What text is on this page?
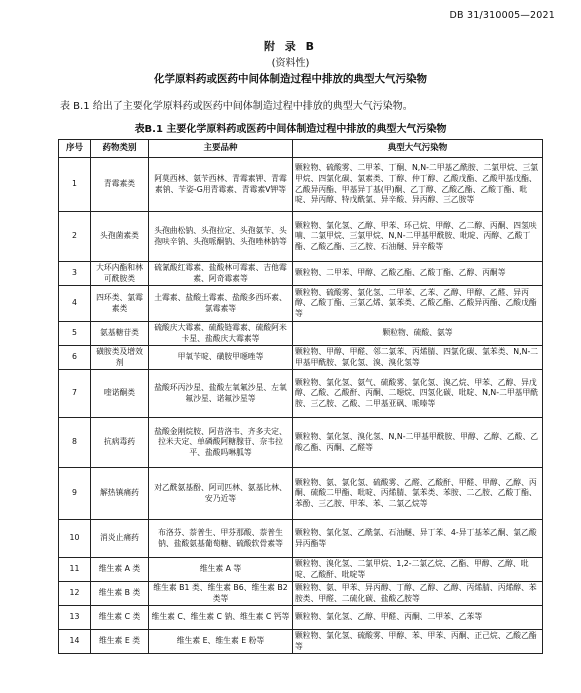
DB 31/310005—2021
附 录 B
(资料性)
化学原料药或医药中间体制造过程中排放的典型大气污染物
表 B.1 给出了主要化学原料药或医药中间体制造过程中排放的典型大气污染物。
表B.1 主要化学原料药或医药中间体制造过程中排放的典型大气污染物
序号	药物类别	主要品种	典型大气污染物
1	青霉素类	阿莫西林、氨苄西林、青霉素钾、青霉素钠、苄姿-G用青霉素、青霉素V钾等	颗粒物、硫酸雾、二甲苯、丁酮、N,N-二甲基乙酰胺、二氯甲烷、三氯甲烷、四氯化碳、氯素类、丁醇、仲丁醇、乙酸戊酯、乙酸甲基戊酯、乙酸异丙酯、甲基异丁基(甲)酮、乙丁醇、乙酸乙酯、乙酸丁酯、吡啶、异丙醇、特戊酰氯、异辛酸、异丙醇、三乙胺等
2	头孢菌素类	头孢曲松钠、头孢拉定、头孢氨苄、头孢呋辛钠、头孢哌酮钠、头孢唑林钠等	颗粒物、氯化氢、乙醇、甲苯、环己烷、甲醇、乙二醇、丙酮、四氢呋喃、二氯甲烷、三氯甲烷、N,N-二甲基甲酰胺、吡啶、丙醇、乙酸丁酯、乙酸乙酯、三乙胺、石油醚、异辛酸等
3	大环内酯和林可酰胺类	硫氰酸红霉素、盐酸林可霉素、吉他霉素、阿奇霉素等	颗粒物、二甲苯、甲醇、乙酸乙酯、乙酸丁酯、乙醇、丙酮等
4	四环类、氯霉素类	土霉素、盐酸土霉素、盐酸多西环素、氯霉素等	颗粒物、硫酸雾、氯化氢、二甲苯、乙苯、乙醇、甲醇、乙醛、异丙醇、乙酸丁酯、三氯乙烯、氯苯类、乙酸乙酯、乙酸异丙酯、乙酸戊酯等
5	氨基糖苷类	硫酸庆大霉素、硫酸链霉素、硫酸阿米卡星、盐酸庆大霉素等	颗粒物、硫酸、氨等
6	磺胺类及增效剂	甲氧苄啶、磺胺甲噁唑等	颗粒物、甲醇、甲醛、邻二氯苯、丙烯腈、四氯化碳、氯苯类、N,N-二甲基甲酰胺、氯化氢、溴、溴化氢等
7	喹诺酮类	盐酸环丙沙星、盐酸左氧氟沙星、左氧氟沙星、诺氟沙星等	颗粒物、氯化氢、氨气、硫酸雾、氯化氢、溴乙烷、甲苯、乙醇、异戊醇、乙酸、乙酸酐、丙酮、二噁烷、四氢化碳、吡啶、N,N-二甲基甲酰胺、三乙胺、乙酸、二甲基亚砜、哌嗪等
8	抗病毒药	盐酸金刚烷胺、阿昔洛韦、齐多夫定、拉米夫定、单磷酸阿糖腺苷、奈韦拉平、盐酸吗啉胍等	颗粒物、氯化氢、溴化氢、N,N-二甲基甲酰胺、甲醇、乙醇、乙酸、乙酸乙酯、丙酮、乙醛等
9	解热镇痛药	对乙酰氨基酚、阿司匹林、氨基比林、安乃近等	颗粒物、氨、氯化氢、硫酸雾、乙醛、乙酸酐、甲醛、甲醇、乙醇、丙酮、硫酸二甲酯、吡啶、丙烯腈、氯苯类、苯胺、二乙胺、乙酸丁酯、苯酚、三乙胺、甲苯、苯、二氯乙烷等
10	消炎止痛药	布洛芬、萘普生、甲芬那酸、萘普生钠、盐酸氨基葡萄糖、硫酸软骨素等	颗粒物、氯化氢、乙酰氯、石油醚、异丁苯、4-异丁基苯乙酮、氯乙酸异丙酯等
11	维生素 A 类	维生素 A 等	颗粒物、溴化氢、二氯甲烷、1,2-二氯乙烷、乙酯、甲醇、乙醇、吡啶、乙酸酐、吡啶等
12	维生素 B 类	维生素 B1 类、维生素 B6、维生素 B2 类等	颗粒物、氨、甲苯、异丙醇、丁醇、乙醇、乙醇、丙烯腈、丙烯醇、苯胺类、甲醛、二硫化碳、盐酸乙胺等
13	维生素 C 类	维生素 C、维生素 C 钠、维生素 C 钙等	颗粒物、氯化氢、乙醇、甲醛、丙酮、二甲苯、乙苯等
14	维生素 E 类	维生素 E、维生素 E 粉等	颗粒物、氯化氢、硫酸雾、甲醇、苯、甲苯、丙酮、正己烷、乙酸乙酯等
